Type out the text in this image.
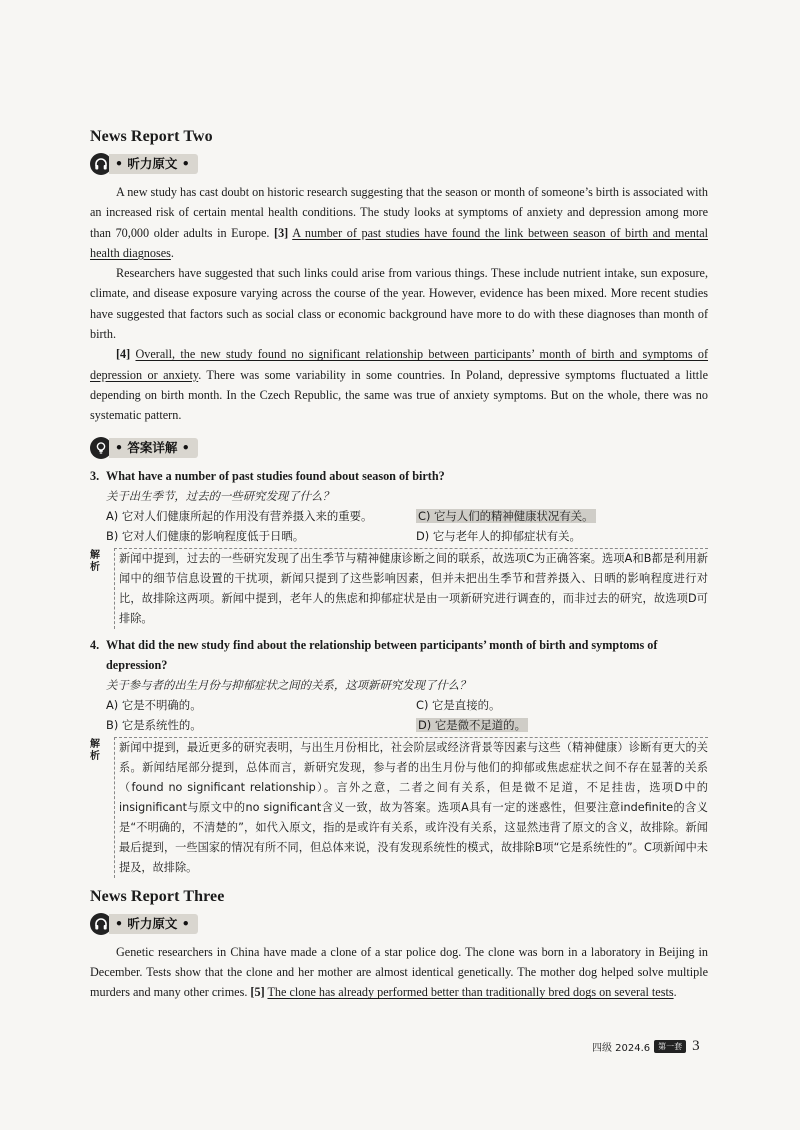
News Report Two
• 听力原文 •

A new study has cast doubt on historic research suggesting that the season or month of someone’s birth is associated with an increased risk of certain mental health conditions. The study looks at symptoms of anxiety and depression among more than 70,000 older adults in Europe. [3] A number of past studies have found the link between season of birth and mental health diagnoses.

Researchers have suggested that such links could arise from various things. These include nutrient intake, sun exposure, climate, and disease exposure varying across the course of the year. However, evidence has been mixed. More recent studies have suggested that factors such as social class or economic background have more to do with these diagnoses than month of birth.

[4] Overall, the new study found no significant relationship between participants’ month of birth and symptoms of depression or anxiety. There was some variability in some countries. In Poland, depressive symptoms fluctuated a little depending on birth month. In the Czech Republic, the same was true of anxiety symptoms. But on the whole, there was no systematic pattern.

• 答案详解 •
3. What have a number of past studies found about season of birth?
关于出生季节，过去的一些研究发现了什么？
A) 它对人们健康所起的作用没有营养摄入来的重要。	C) 它与人们的精神健康状况有关。
B) 它对人们健康的影响程度低于日晒。	D) 它与老年人的抑郁症状有关。
解析
新闻中提到，过去的一些研究发现了出生季节与精神健康诊断之间的联系，故选项C为正确答案。选项A和B都是利用新闻中的细节信息设置的干扰项，新闻只提到了这些影响因素，但并未把出生季节和营养摄入、日晒的影响程度进行对比，故排除这两项。新闻中提到，老年人的焦虑和抑郁症状是由一项新研究进行调查的，而非过去的研究，故选项D可排除。
4. What did the new study find about the relationship between participants’ month of birth and symptoms of depression?
关于参与者的出生月份与抑郁症状之间的关系，这项新研究发现了什么？
A) 它是不明确的。	C) 它是直接的。
B) 它是系统性的。	D) 它是微不足道的。
解析
新闻中提到，最近更多的研究表明，与出生月份相比，社会阶层或经济背景等因素与这些（精神健康）诊断有更大的关系。新闻结尾部分提到，总体而言，新研究发现，参与者的出生月份与他们的抑郁或焦虑症状之间不存在显著的关系（found no significant relationship）。言外之意，二者之间有关系，但是微不足道，不足挂齿，选项D中的insignificant与原文中的no significant含义一致，故为答案。选项A具有一定的迷惑性，但要注意indefinite的含义是“不明确的，不清楚的”，如代入原文，指的是或许有关系，或许没有关系，这显然违背了原文的含义，故排除。新闻最后提到，一些国家的情况有所不同，但总体来说，没有发现系统性的模式，故排除B项“它是系统性的”。C项新闻中未提及，故排除。
News Report Three
• 听力原文 •

Genetic researchers in China have made a clone of a star police dog. The clone was born in a laboratory in Beijing in December. Tests show that the clone and her mother are almost identical genetically. The mother dog helped solve multiple murders and many other crimes. [5] The clone has already performed better than traditionally bred dogs on several tests.

四级 2024.6	第一套 3
